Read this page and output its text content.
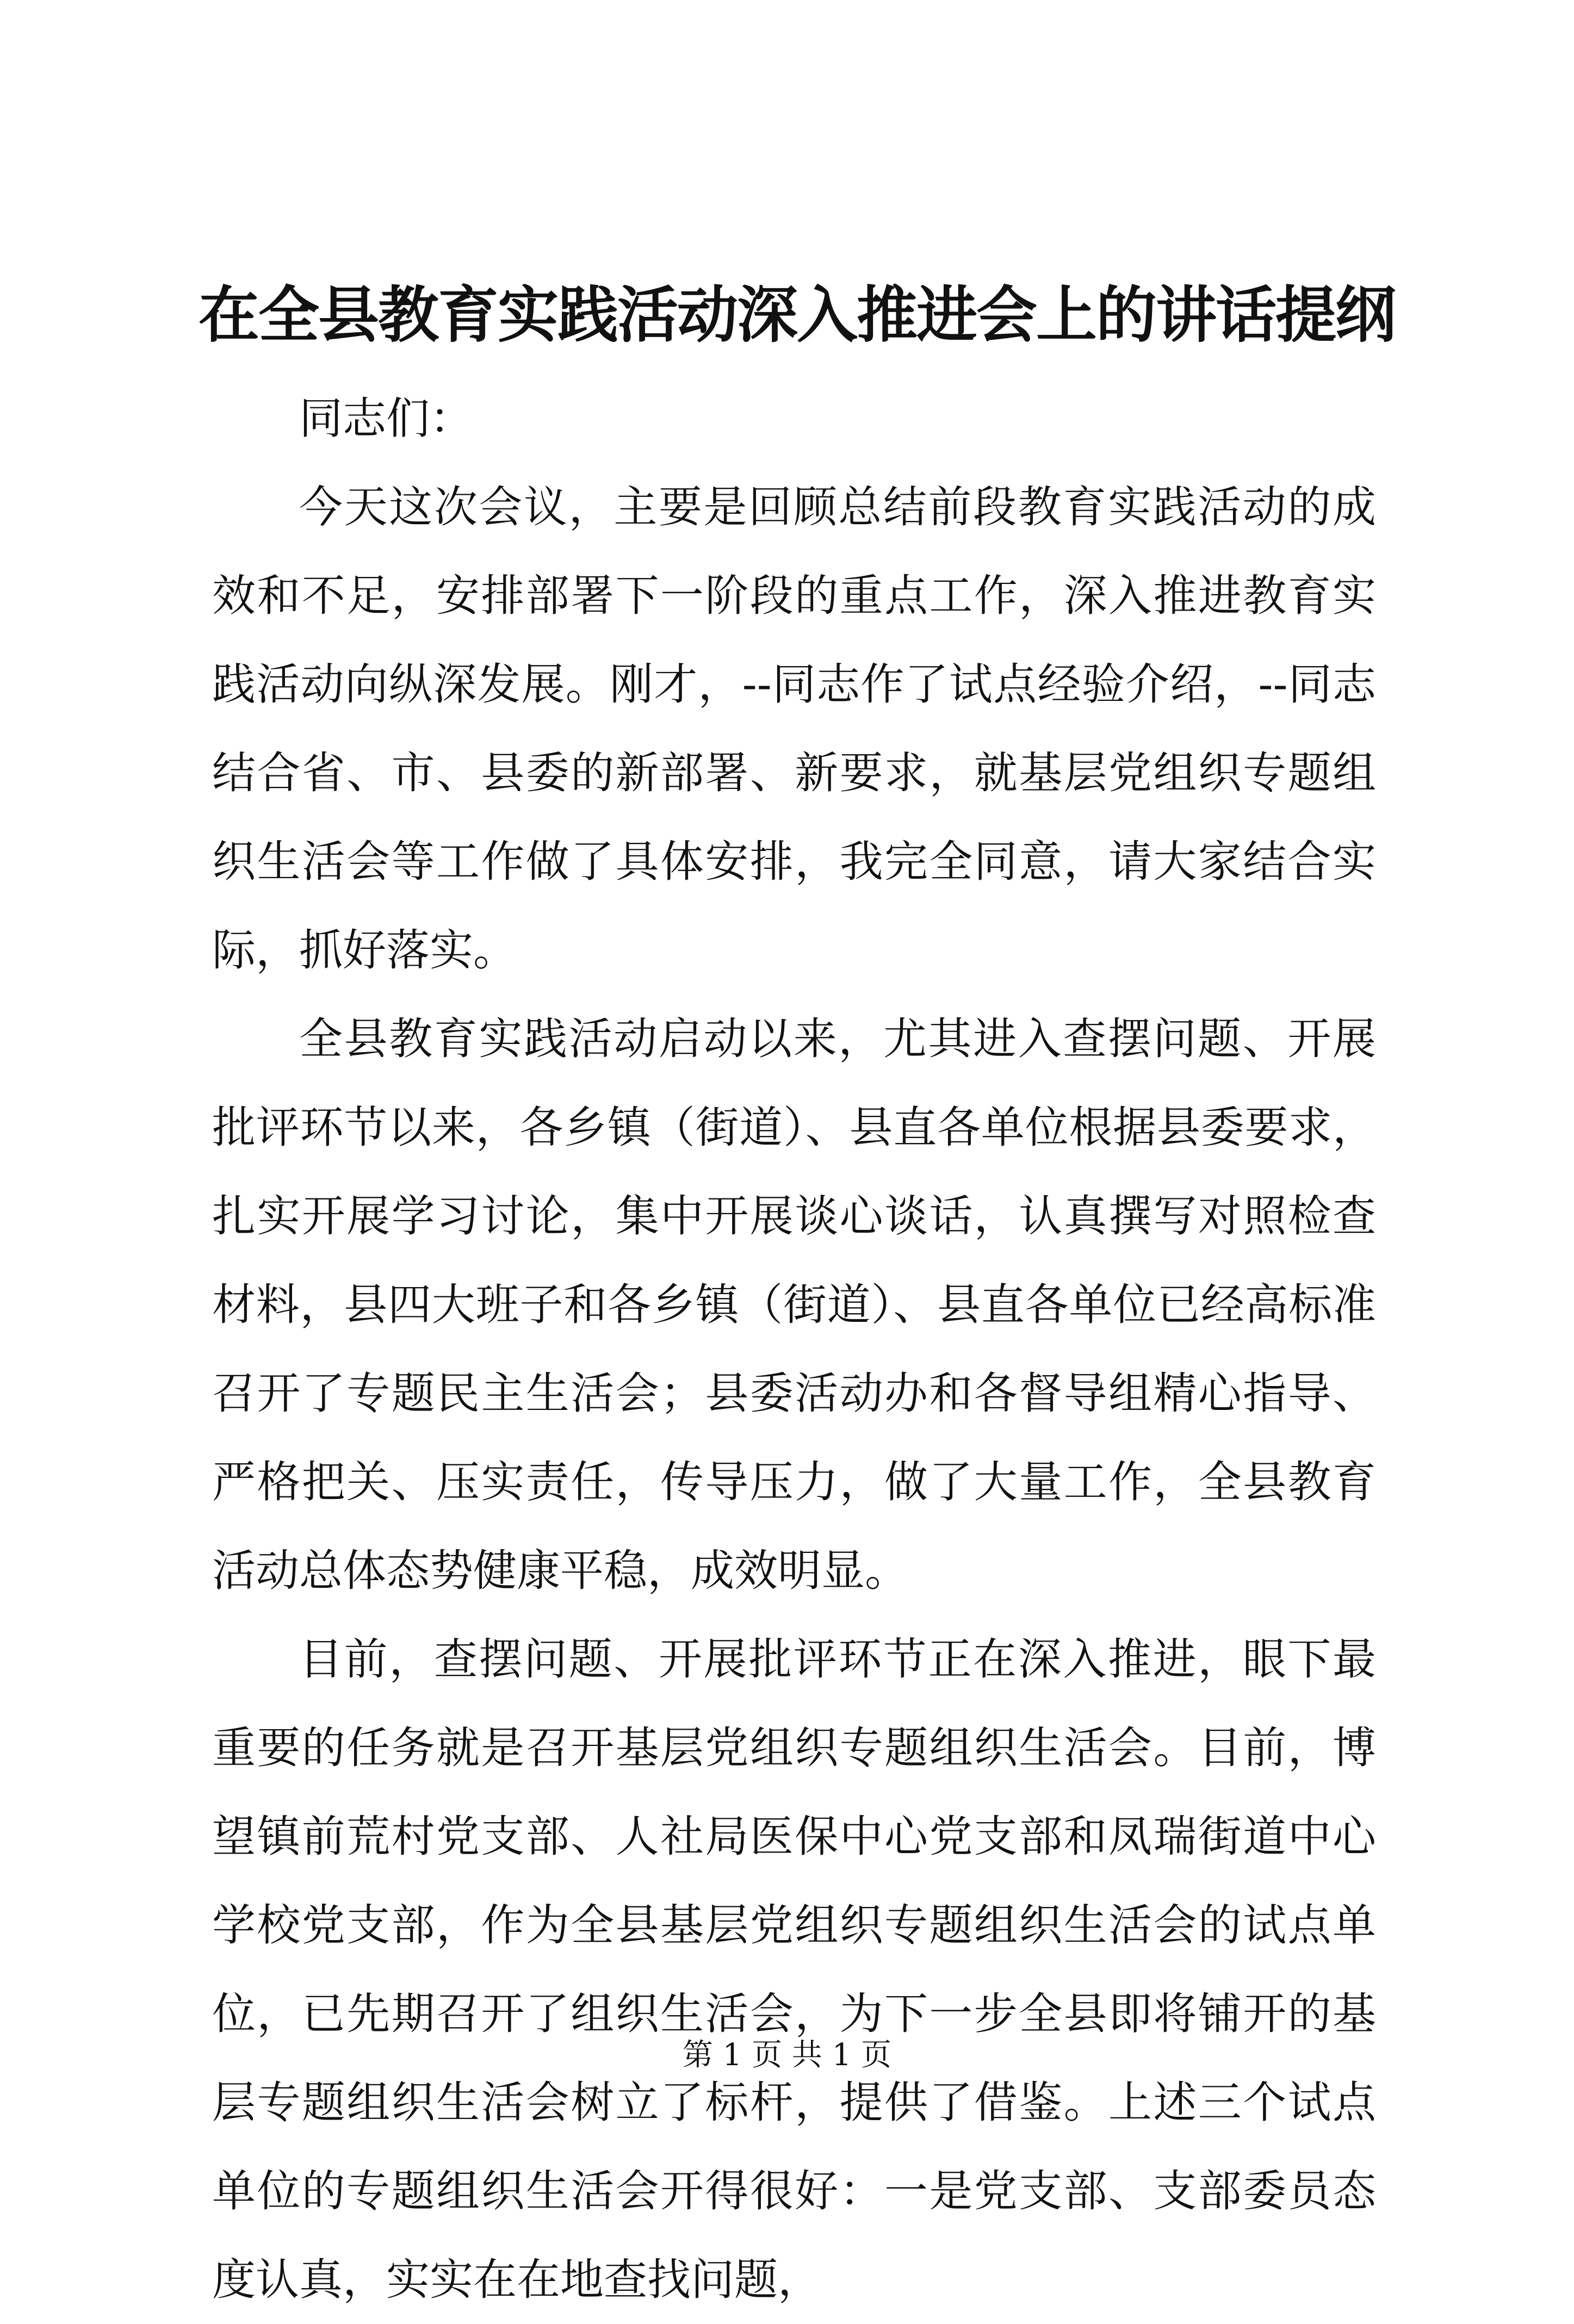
在全县教育实践活动深入推进会上的讲话提纲

同志们：

今天这次会议，主要是回顾总结前段教育实践活动的成效和不足，安排部署下一阶段的重点工作，深入推进教育实践活动向纵深发展。刚才，--同志作了试点经验介绍，--同志结合省、市、县委的新部署、新要求，就基层党组织专题组织生活会等工作做了具体安排，我完全同意，请大家结合实际，抓好落实。

全县教育实践活动启动以来，尤其进入查摆问题、开展批评环节以来，各乡镇（街道）、县直各单位根据县委要求，扎实开展学习讨论，集中开展谈心谈话，认真撰写对照检查材料，县四大班子和各乡镇（街道）、县直各单位已经高标准召开了专题民主生活会；县委活动办和各督导组精心指导、严格把关、压实责任，传导压力，做了大量工作，全县教育活动总体态势健康平稳，成效明显。

目前，查摆问题、开展批评环节正在深入推进，眼下最重要的任务就是召开基层党组织专题组织生活会。目前，博望镇前荒村党支部、人社局医保中心党支部和凤瑞街道中心学校党支部，作为全县基层党组织专题组织生活会的试点单位，已先期召开了组织生活会，为下一步全县即将铺开的基层专题组织生活会树立了标杆，提供了借鉴。上述三个试点单位的专题组织生活会开得很好：一是党支部、支部委员态度认真，实实在在地查找问题，

第 1 页 共 1 页
